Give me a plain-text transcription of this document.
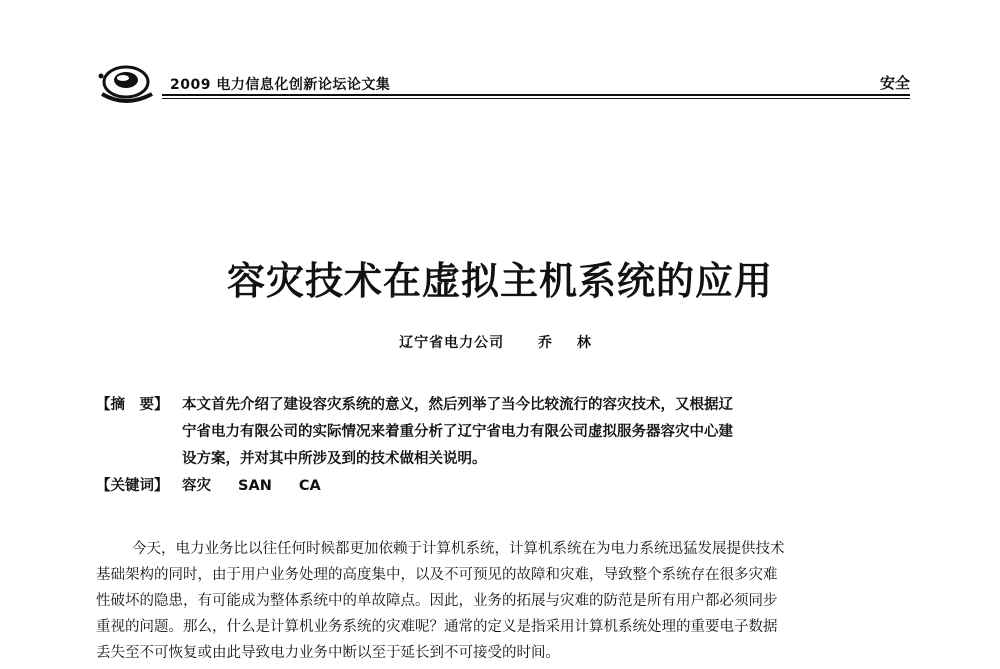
2009 电力信息化创新论坛论文集	安全
容灾技术在虚拟主机系统的应用
辽宁省电力公司 乔 林
【摘　要】 本文首先介绍了建设容灾系统的意义，然后列举了当今比较流行的容灾技术，又根据辽
宁省电力有限公司的实际情况来着重分析了辽宁省电力有限公司虚拟服务器容灾中心建
设方案，并对其中所涉及到的技术做相关说明。
【关键词】 容灾 SAN CA
今天，电力业务比以往任何时候都更加依赖于计算机系统，计算机系统在为电力系统迅猛发展提供技术
基础架构的同时，由于用户业务处理的高度集中，以及不可预见的故障和灾难，导致整个系统存在很多灾难
性破坏的隐患，有可能成为整体系统中的单故障点。因此，业务的拓展与灾难的防范是所有用户都必须同步
重视的问题。那么，什么是计算机业务系统的灾难呢？通常的定义是指采用计算机系统处理的重要电子数据
丢失至不可恢复或由此导致电力业务中断以至于延长到不可接受的时间。
